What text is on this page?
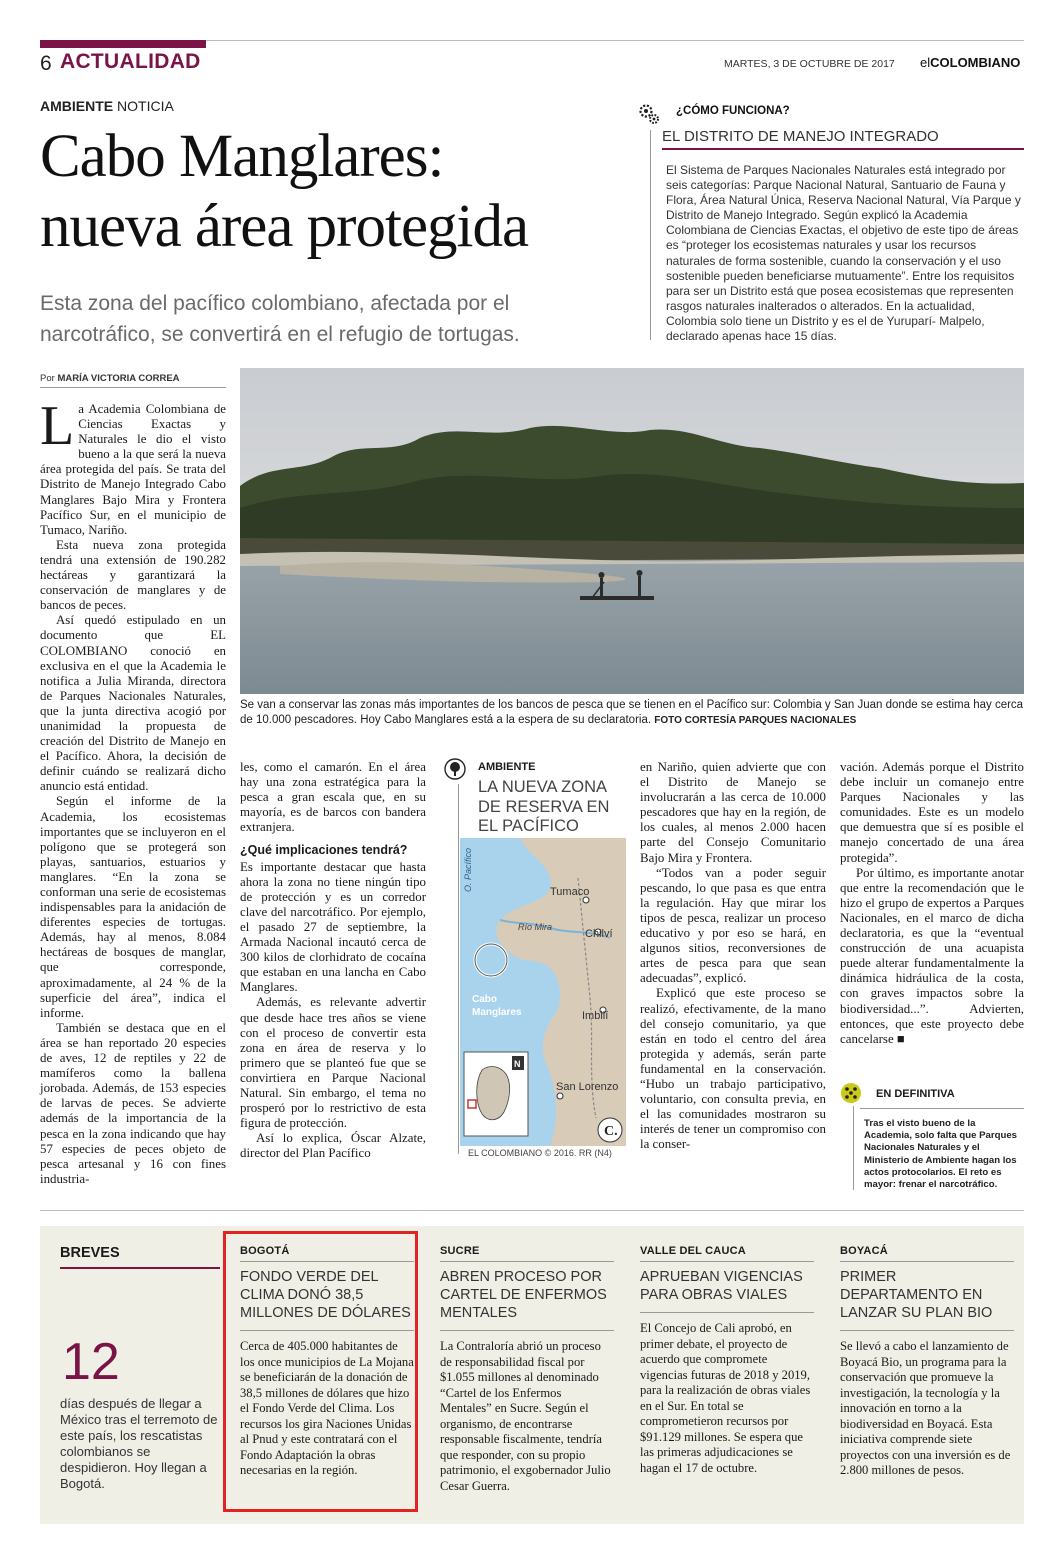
6 ACTUALIDAD	MARTES, 3 DE OCTUBRE DE 2017 elCOLOMBIANO
AMBIENTE NOTICIA
Cabo Manglares:
nueva área protegida
Esta zona del pacífico colombiano, afectada por el narcotráfico, se convertirá en el refugio de tortugas.
¿CÓMO FUNCIONA?
EL DISTRITO DE MANEJO INTEGRADO
El Sistema de Parques Nacionales Naturales está integrado por seis categorías: Parque Nacional Natural, Santuario de Fauna y Flora, Área Natural Única, Reserva Nacional Natural, Vía Parque y Distrito de Manejo Integrado. Según explicó la Academia Colombiana de Ciencias Exactas, el objetivo de este tipo de áreas es “proteger los ecosistemas naturales y usar los recursos naturales de forma sostenible, cuando la conservación y el uso sostenible pueden beneficiarse mutuamente”. Entre los requisitos para ser un Distrito está que posea ecosistemas que representen rasgos naturales inalterados o alterados. En la actualidad, Colombia solo tiene un Distrito y es el de Yuruparí- Malpelo, declarado apenas hace 15 días.
Por MARÍA VICTORIA CORREA

La Academia Colombiana de Ciencias Exactas y Naturales le dio el visto bueno a la que será la nueva área protegida del país. Se trata del Distrito de Manejo Integrado Cabo Manglares Bajo Mira y Frontera Pacífico Sur, en el municipio de Tumaco, Nariño.

Esta nueva zona protegida tendrá una extensión de 190.282 hectáreas y garantizará la conservación de manglares y de bancos de peces.

Así quedó estipulado en un documento que EL COLOMBIANO conoció en exclusiva en el que la Academia le notifica a Julia Miranda, directora de Parques Nacionales Naturales, que la junta directiva acogió por unanimidad la propuesta de creación del Distrito de Manejo en el Pacífico. Ahora, la decisión de definir cuándo se realizará dicho anuncio está entidad.

Según el informe de la Academia, los ecosistemas importantes que se incluyeron en el polígono que se protegerá son playas, santuarios, estuarios y manglares. “En la zona se conforman una serie de ecosistemas indispensables para la anidación de diferentes especies de tortugas. Además, hay al menos, 8.084 hectáreas de bosques de manglar, que corresponde, aproximadamente, al 24 % de la superficie del área”, indica el informe.

También se destaca que en el área se han reportado 20 especies de aves, 12 de reptiles y 22 de mamíferos como la ballena jorobada. Además, de 153 especies de larvas de peces. Se advierte además de la importancia de la pesca en la zona indicando que hay 57 especies de peces objeto de pesca artesanal y 16 con fines industria-

Se van a conservar las zonas más importantes de los bancos de pesca que se tienen en el Pacífico sur: Colombia y San Juan donde se estima hay cerca de 10.000 pescadores. Hoy Cabo Manglares está a la espera de su declaratoria. FOTO CORTESÍA PARQUES NACIONALES

les, como el camarón. En el área hay una zona estratégica para la pesca a gran escala que, en su mayoría, es de barcos con bandera extranjera.

¿Qué implicaciones tendrá?

Es importante destacar que hasta ahora la zona no tiene ningún tipo de protección y es un corredor clave del narcotráfico. Por ejemplo, el pasado 27 de septiembre, la Armada Nacional incautó cerca de 300 kilos de clorhidrato de cocaína que estaban en una lancha en Cabo Manglares.

Además, es relevante advertir que desde hace tres años se viene con el proceso de convertir esta zona en área de reserva y lo primero que se planteó fue que se convirtiera en Parque Nacional Natural. Sin embargo, el tema no prosperó por lo restrictivo de esta figura de protección.

Así lo explica, Óscar Alzate, director del Plan Pacífico

AMBIENTE
LA NUEVA ZONA DE RESERVA EN EL PACÍFICO
O. Pacífico	Tumaco
Chilví
Imbilí
San Lorenzo
Río Mira
Cabo
Manglares
N
C.
EL COLOMBIANO © 2016. RR (N4)

en Nariño, quien advierte que con el Distrito de Manejo se involucrarán a las cerca de 10.000 pescadores que hay en la región, de los cuales, al menos 2.000 hacen parte del Consejo Comunitario Bajo Mira y Frontera.

“Todos van a poder seguir pescando, lo que pasa es que entra la regulación. Hay que mirar los tipos de pesca, realizar un proceso educativo y por eso se hará, en algunos sitios, reconversiones de artes de pesca para que sean adecuadas”, explicó.

Explicó que este proceso se realizó, efectivamente, de la mano del consejo comunitario, ya que están en todo el centro del área protegida y además, serán parte fundamental en la conservación. “Hubo un trabajo participativo, voluntario, con consulta previa, en el las comunidades mostraron su interés de tener un compromiso con la conser-

vación. Además porque el Distrito debe incluir un comanejo entre Parques Nacionales y las comunidades. Este es un modelo que demuestra que sí es posible el manejo concertado de una área protegida”.

Por último, es importante anotar que entre la recomendación que le hizo el grupo de expertos a Parques Nacionales, en el marco de dicha declaratoria, es que la “eventual construcción de una acuapista puede alterar fundamentalmente la dinámica hidráulica de la costa, con graves impactos sobre la biodiversidad...”. Advierten, entonces, que este proyecto debe cancelarse ■

EN DEFINITIVA
Tras el visto bueno de la Academia, solo falta que Parques Nacionales Naturales y el Ministerio de Ambiente hagan los actos protocolarios. El reto es mayor: frenar el narcotráfico.
BREVES
12
días después de llegar a México tras el terremoto de este país, los rescatistas colombianos se despidieron. Hoy llegan a Bogotá.
BOGOTÁ
FONDO VERDE DEL CLIMA DONÓ 38,5 MILLONES DE DÓLARES
Cerca de 405.000 habitantes de los once municipios de La Mojana se beneficiarán de la donación de 38,5 millones de dólares que hizo el Fondo Verde del Clima. Los recursos los gira Naciones Unidas al Pnud y este contratará con el Fondo Adaptación la obras necesarias en la región.
SUCRE
ABREN PROCESO POR CARTEL DE ENFERMOS MENTALES
La Contraloría abrió un proceso de responsabilidad fiscal por $1.055 millones al denominado “Cartel de los Enfermos Mentales” en Sucre. Según el organismo, de encontrarse responsable fiscalmente, tendría que responder, con su propio patrimonio, el exgobernador Julio Cesar Guerra.
VALLE DEL CAUCA
APRUEBAN VIGENCIAS PARA OBRAS VIALES
El Concejo de Cali aprobó, en primer debate, el proyecto de acuerdo que compromete vigencias futuras de 2018 y 2019, para la realización de obras viales en el Sur. En total se comprometieron recursos por $91.129 millones. Se espera que las primeras adjudicaciones se hagan el 17 de octubre.
BOYACÁ
PRIMER DEPARTAMENTO EN LANZAR SU PLAN BIO
Se llevó a cabo el lanzamiento de Boyacá Bio, un programa para la conservación que promueve la investigación, la tecnología y la innovación en torno a la biodiversidad en Boyacá. Esta iniciativa comprende siete proyectos con una inversión es de 2.800 millones de pesos.
